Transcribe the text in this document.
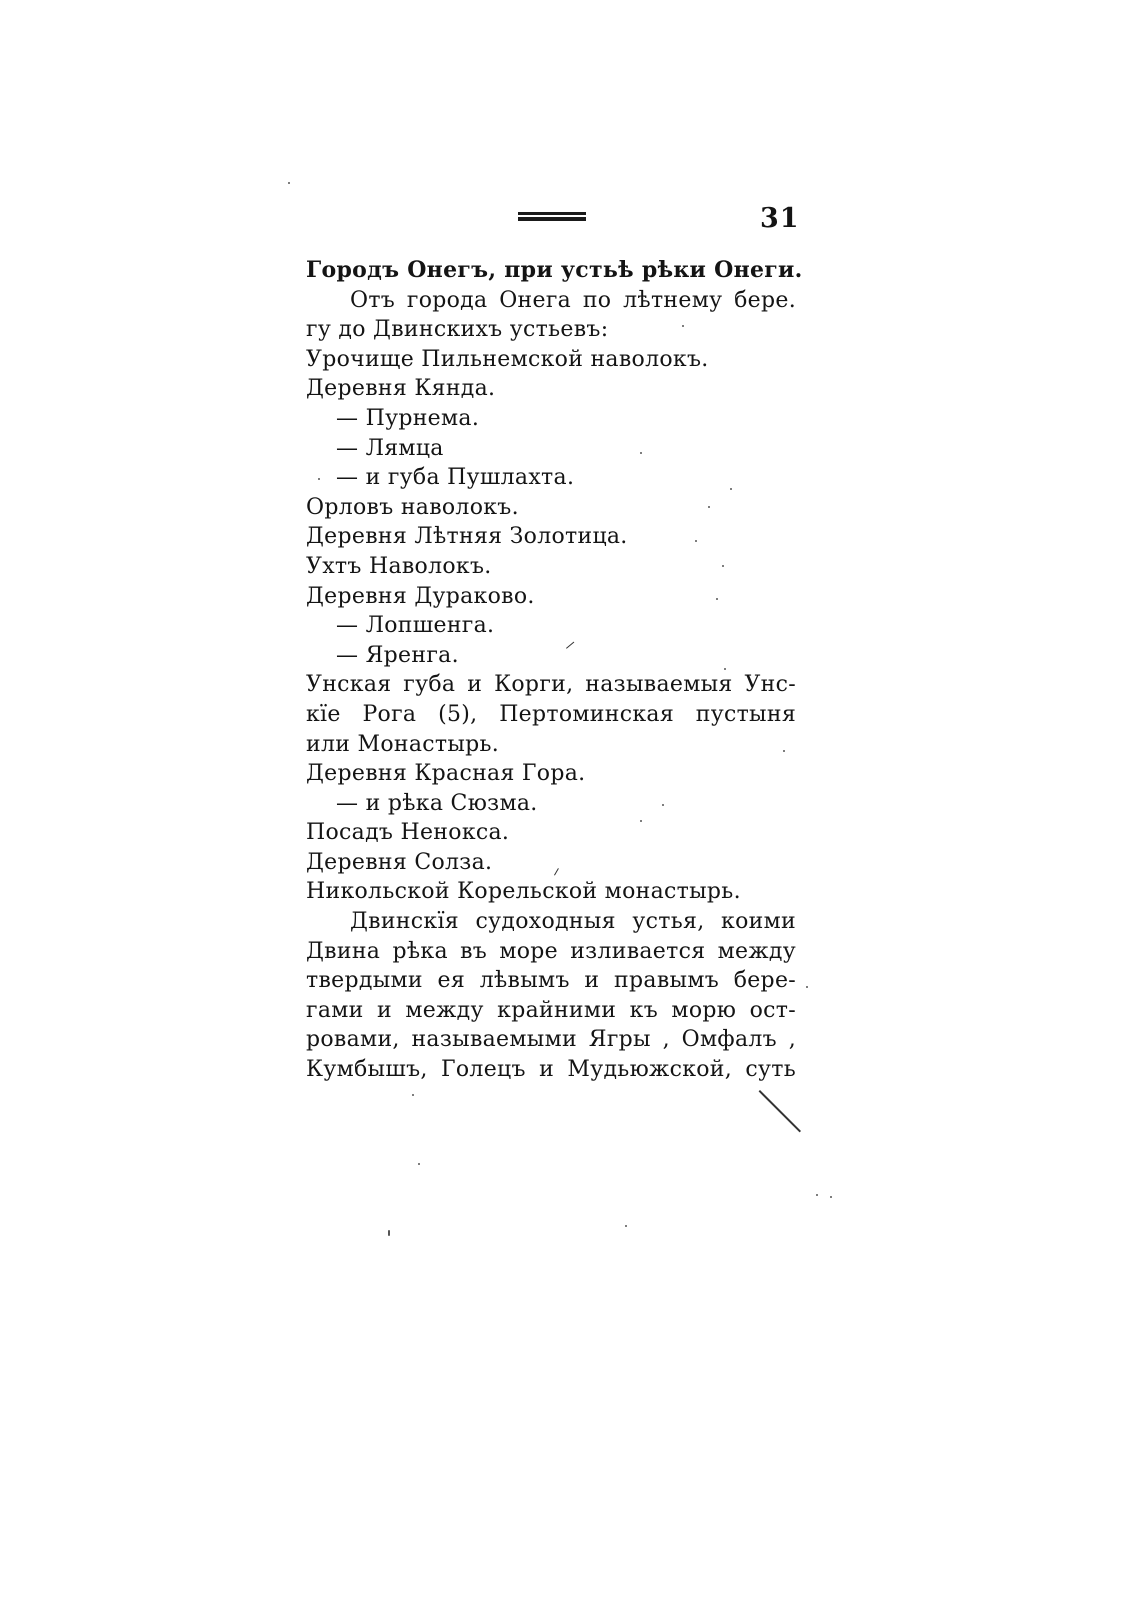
31
Городъ Онегъ, при устьѣ рѣки Онеги.
Отъ города Онега по лѣтнему берe.
гу до Двинскихъ устьевъ:
Урочище Пильнемской наволокъ.
Деревня Кянда.
— Пурнема.
— Лямца
— и губа Пушлахта.
Орловъ наволокъ.
Деревня Лѣтняя Золотица.
Ухтъ Наволокъ.
Деревня Дураково.
— Лопшенга.
— Яренга.
Унская губа и Корги, называемыя Унс-
кїе Рога (5), Пертоминская пустыня
или Монастырь.
Деревня Красная Гора.
— и рѣка Сюзма.
Посадъ Ненокса.
Деревня Солза.
Никольской Корельской монастырь.
Двинскїя судоходныя устья, коими
Двина рѣка въ море изливается между
твердыми ея лѣвымъ и правымъ бере-
гами и между крайними къ морю ост-
ровами, называемыми Ягры , Омфалъ ,
Кумбышъ, Голецъ и Мудьюжской, суть
